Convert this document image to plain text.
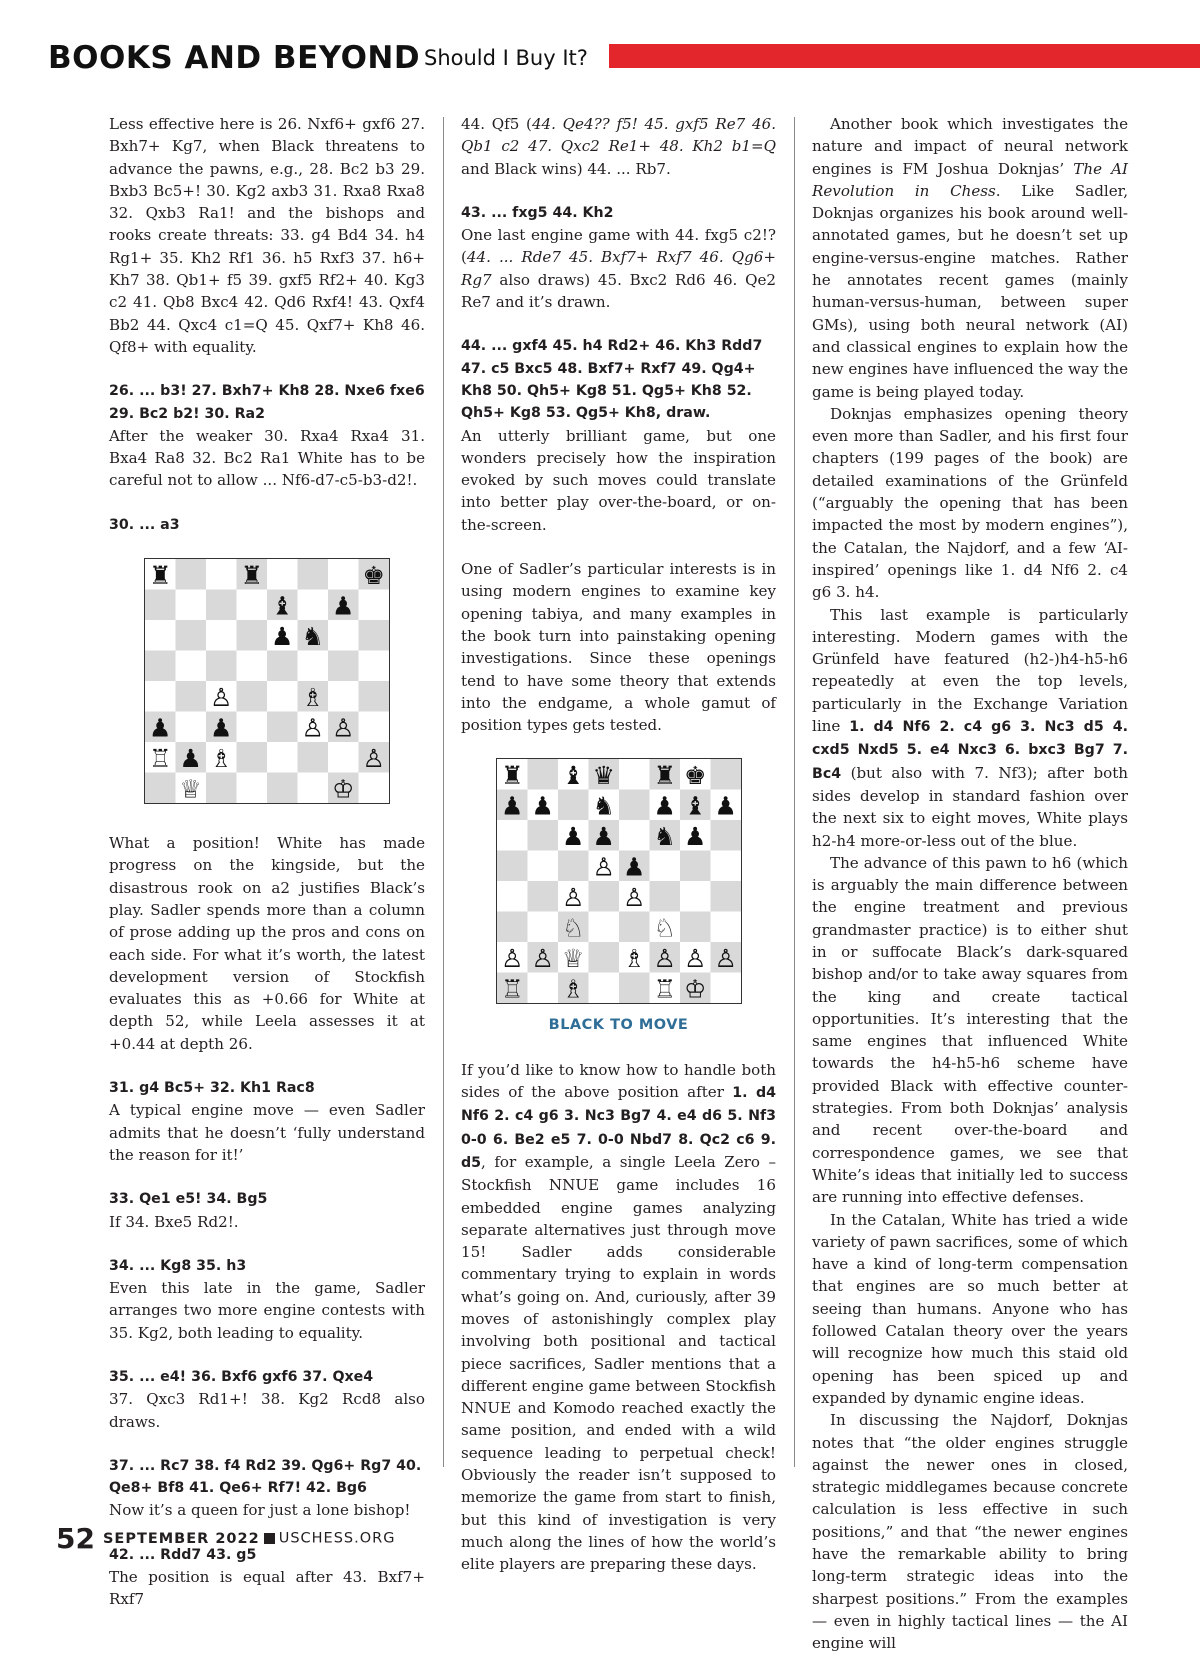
BOOKS AND BEYOND Should I Buy It?

Less effective here is 26. Nxf6+ gxf6 27. Bxh7+ Kg7, when Black threatens to advance the pawns, e.g., 28. Bc2 b3 29. Bxb3 Bc5+! 30. Kg2 axb3 31. Rxa8 Rxa8 32. Qxb3 Ra1! and the bishops and rooks create threats: 33. g4 Bd4 34. h4 Rg1+ 35. Kh2 Rf1 36. h5 Rxf3 37. h6+ Kh7 38. Qb1+ f5 39. gxf5 Rf2+ 40. Kg3 c2 41. Qb8 Bxc4 42. Qd6 Rxf4! 43. Qxf4 Bb2 44. Qxc4 c1=Q 45. Qxf7+ Kh8 46. Qf8+ with equality.

26. ... b3! 27. Bxh7+ Kh8 28. Nxe6 fxe6 29. Bc2 b2! 30. Ra2

After the weaker 30. Rxa4 Rxa4 31. Bxa4 Ra8 32. Bc2 Ra1 White has to be careful not to allow ... Nf6-d7-c5-b3-d2!.

30. ... a3

♜	♜	♚
♝ ♟
♟ ♞
♙	♗
♟ ♟	♙ ♙
♖ ♟ ♗	♙
♕	♔

What a position! White has made progress on the kingside, but the disastrous rook on a2 justifies Black’s play. Sadler spends more than a column of prose adding up the pros and cons on each side. For what it’s worth, the latest development version of Stockfish evaluates this as +0.66 for White at depth 52, while Leela assesses it at +0.44 at depth 26.

31. g4 Bc5+ 32. Kh1 Rac8

A typical engine move — even Sadler admits that he doesn’t ‘fully understand the reason for it!’

33. Qe1 e5! 34. Bg5

If 34. Bxe5 Rd2!.

34. ... Kg8 35. h3

Even this late in the game, Sadler arranges two more engine contests with 35. Kg2, both leading to equality.

35. ... e4! 36. Bxf6 gxf6 37. Qxe4

37. Qxc3 Rd1+! 38. Kg2 Rcd8 also draws.

37. ... Rc7 38. f4 Rd2 39. Qg6+ Rg7 40. Qe8+ Bf8 41. Qe6+ Rf7! 42. Bg6

Now it’s a queen for just a lone bishop!

42. ... Rdd7 43. g5

The position is equal after 43. Bxf7+ Rxf7

44. Qf5 (44. Qe4?? f5! 45. gxf5 Re7 46. Qb1 c2 47. Qxc2 Re1+ 48. Kh2 b1=Q and Black wins) 44. ... Rb7.

43. ... fxg5 44. Kh2

One last engine game with 44. fxg5 c2!? (44. ... Rde7 45. Bxf7+ Rxf7 46. Qg6+ Rg7 also draws) 45. Bxc2 Rd6 46. Qe2 Re7 and it’s drawn.

44. ... gxf4 45. h4 Rd2+ 46. Kh3 Rdd7 47. c5 Bxc5 48. Bxf7+ Rxf7 49. Qg4+ Kh8 50. Qh5+ Kg8 51. Qg5+ Kh8 52. Qh5+ Kg8 53. Qg5+ Kh8, draw.

An utterly brilliant game, but one wonders precisely how the inspiration evoked by such moves could translate into better play over-the-board, or on-the-screen.

One of Sadler’s particular interests is in using modern engines to examine key opening tabiya, and many examples in the book turn into painstaking opening investigations. Since these openings tend to have some theory that extends into the endgame, a whole gamut of position types gets tested.

♜ ♝ ♛ ♜ ♚
♟ ♟ ♞ ♟ ♝ ♟
♟ ♟ ♞ ♟
♙ ♟
♙ ♙
♘	♘
♙ ♙ ♕ ♗ ♙ ♙ ♙
♖ ♗	♖ ♔
BLACK TO MOVE

If you’d like to know how to handle both sides of the above position after 1. d4 Nf6 2. c4 g6 3. Nc3 Bg7 4. e4 d6 5. Nf3 0-0 6. Be2 e5 7. 0-0 Nbd7 8. Qc2 c6 9. d5, for example, a single Leela Zero – Stockfish NNUE game includes 16 embedded engine games analyzing separate alternatives just through move 15! Sadler adds considerable commentary trying to explain in words what’s going on. And, curiously, after 39 moves of astonishingly complex play involving both positional and tactical piece sacrifices, Sadler mentions that a different engine game between Stockfish NNUE and Komodo reached exactly the same position, and ended with a wild sequence leading to perpetual check! Obviously the reader isn’t supposed to memorize the game from start to finish, but this kind of investigation is very much along the lines of how the world’s elite players are preparing these days.

Another book which investigates the nature and impact of neural network engines is FM Joshua Doknjas’ The AI Revolution in Chess. Like Sadler, Doknjas organizes his book around well-annotated games, but he doesn’t set up engine-versus-engine matches. Rather he annotates recent games (mainly human-versus-human, between super GMs), using both neural network (AI) and classical engines to explain how the new engines have influenced the way the game is being played today.

Doknjas emphasizes opening theory even more than Sadler, and his first four chapters (199 pages of the book) are detailed examinations of the Grünfeld (“arguably the opening that has been impacted the most by modern engines”), the Catalan, the Najdorf, and a few ‘AI-inspired’ openings like 1. d4 Nf6 2. c4 g6 3. h4.

This last example is particularly interesting. Modern games with the Grünfeld have featured (h2-)h4-h5-h6 repeatedly at even the top levels, particularly in the Exchange Variation line 1. d4 Nf6 2. c4 g6 3. Nc3 d5 4. cxd5 Nxd5 5. e4 Nxc3 6. bxc3 Bg7 7. Bc4 (but also with 7. Nf3); after both sides develop in standard fashion over the next six to eight moves, White plays h2-h4 more-or-less out of the blue.

The advance of this pawn to h6 (which is arguably the main difference between the engine treatment and previous grandmaster practice) is to either shut in or suffocate Black’s dark-squared bishop and/or to take away squares from the king and create tactical opportunities. It’s interesting that the same engines that influenced White towards the h4-h5-h6 scheme have provided Black with effective counter-strategies. From both Doknjas’ analysis and recent over-the-board and correspondence games, we see that White’s ideas that initially led to success are running into effective defenses.

In the Catalan, White has tried a wide variety of pawn sacrifices, some of which have a kind of long-term compensation that engines are so much better at seeing than humans. Anyone who has followed Catalan theory over the years will recognize how much this staid old opening has been spiced up and expanded by dynamic engine ideas.

In discussing the Najdorf, Doknjas notes that “the older engines struggle against the newer ones in closed, strategic middlegames because concrete calculation is less effective in such positions,” and that “the newer engines have the remarkable ability to bring long-term strategic ideas into the sharpest positions.” From the examples — even in highly tactical lines — the AI engine will

52 SEPTEMBER 2022 USCHESS.ORG
